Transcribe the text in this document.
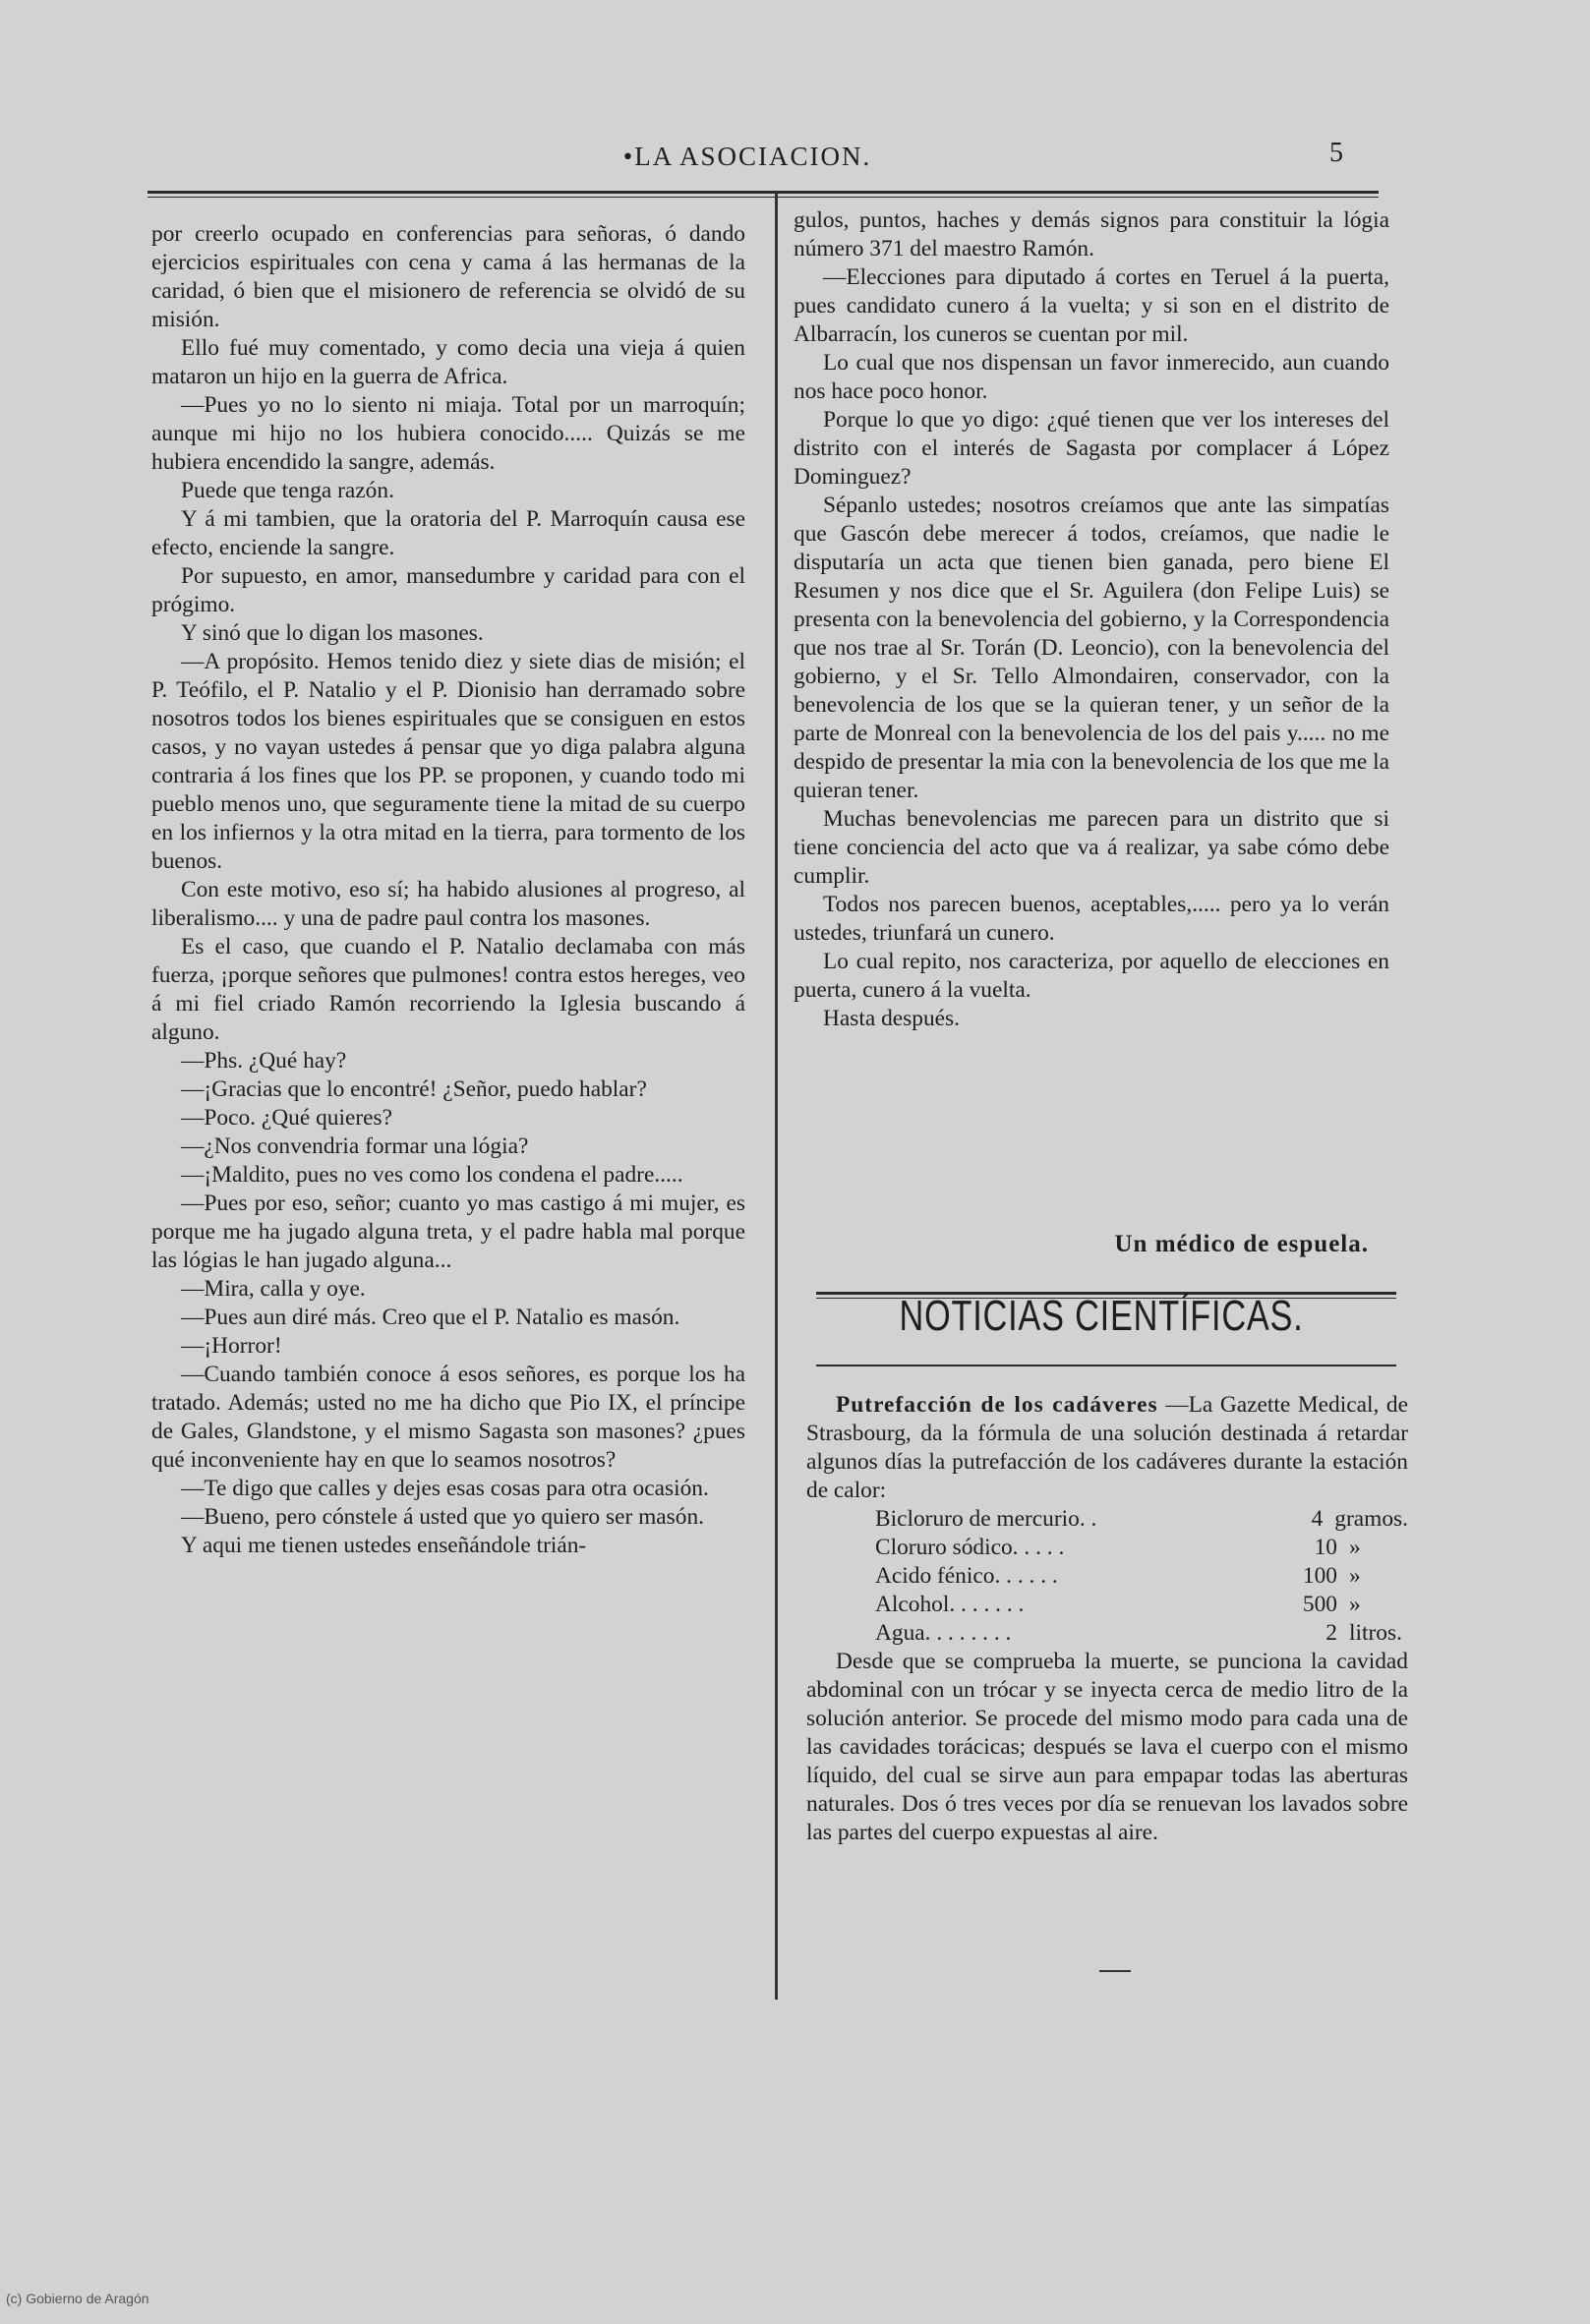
•LA ASOCIACION.	5

por creerlo ocupado en conferencias para señoras, ó dando ejercicios espirituales con cena y cama á las hermanas de la caridad, ó bien que el misionero de referencia se olvidó de su misión.

Ello fué muy comentado, y como decia una vieja á quien mataron un hijo en la guerra de Africa.

—Pues yo no lo siento ni miaja. Total por un marroquín; aunque mi hijo no los hubiera conocido..... Quizás se me hubiera encendido la sangre, además.

Puede que tenga razón.

Y á mi tambien, que la oratoria del P. Marroquín causa ese efecto, enciende la sangre.

Por supuesto, en amor, mansedumbre y caridad para con el prógimo.

Y sinó que lo digan los masones.

—A propósito. Hemos tenido diez y siete dias de misión; el P. Teófilo, el P. Natalio y el P. Dionisio han derramado sobre nosotros todos los bienes espirituales que se consiguen en estos casos, y no vayan ustedes á pensar que yo diga palabra alguna contraria á los fines que los PP. se proponen, y cuando todo mi pueblo menos uno, que seguramente tiene la mitad de su cuerpo en los infiernos y la otra mitad en la tierra, para tormento de los buenos.

Con este motivo, eso sí; ha habido alusiones al progreso, al liberalismo.... y una de padre paul contra los masones.

Es el caso, que cuando el P. Natalio declamaba con más fuerza, ¡porque señores que pulmones! contra estos hereges, veo á mi fiel criado Ramón recorriendo la Iglesia buscando á alguno.

—Phs. ¿Qué hay?

—¡Gracias que lo encontré! ¿Señor, puedo hablar?

—Poco. ¿Qué quieres?

—¿Nos convendria formar una lógia?

—¡Maldito, pues no ves como los condena el padre.....

—Pues por eso, señor; cuanto yo mas castigo á mi mujer, es porque me ha jugado alguna treta, y el padre habla mal porque las lógias le han jugado alguna...

—Mira, calla y oye.

—Pues aun diré más. Creo que el P. Natalio es masón.

—¡Horror!

—Cuando también conoce á esos señores, es porque los ha tratado. Además; usted no me ha dicho que Pio IX, el príncipe de Gales, Glandstone, y el mismo Sagasta son masones? ¿pues qué inconveniente hay en que lo seamos nosotros?

—Te digo que calles y dejes esas cosas para otra ocasión.

—Bueno, pero cónstele á usted que yo quiero ser masón.

Y aqui me tienen ustedes enseñándole trián-

gulos, puntos, haches y demás signos para constituir la lógia número 371 del maestro Ramón.

—Elecciones para diputado á cortes en Teruel á la puerta, pues candidato cunero á la vuelta; y si son en el distrito de Albarracín, los cuneros se cuentan por mil.

Lo cual que nos dispensan un favor inmerecido, aun cuando nos hace poco honor.

Porque lo que yo digo: ¿qué tienen que ver los intereses del distrito con el interés de Sagasta por complacer á López Dominguez?

Sépanlo ustedes; nosotros creíamos que ante las simpatías que Gascón debe merecer á todos, creíamos, que nadie le disputaría un acta que tienen bien ganada, pero biene El Resumen y nos dice que el Sr. Aguilera (don Felipe Luis) se presenta con la benevolencia del gobierno, y la Correspondencia que nos trae al Sr. Torán (D. Leoncio), con la benevolencia del gobierno, y el Sr. Tello Almondairen, conservador, con la benevolencia de los que se la quieran tener, y un señor de la parte de Monreal con la benevolencia de los del pais y..... no me despido de presentar la mia con la benevolencia de los que me la quieran tener.

Muchas benevolencias me parecen para un distrito que si tiene conciencia del acto que va á realizar, ya sabe cómo debe cumplir.

Todos nos parecen buenos, aceptables,..... pero ya lo verán ustedes, triunfará un cunero.

Lo cual repito, nos caracteriza, por aquello de elecciones en puerta, cunero á la vuelta.

Hasta después.

Un médico de espuela.
NOTICIAS CIENTÍFICAS.

Putrefacción de los cadáveres —La Gazette Medical, de Strasbourg, da la fórmula de una solución destinada á retardar algunos días la putrefacción de los cadáveres durante la estación de calor:

Bicloruro de mercurio. .	4 gramos.
Cloruro sódico. . . . .	10 »
Acido fénico. . . . . .	100 »
Alcohol. . . . . . .	500 »
Agua. . . . . . . .	2 litros.

Desde que se comprueba la muerte, se punciona la cavidad abdominal con un trócar y se inyecta cerca de medio litro de la solución anterior. Se procede del mismo modo para cada una de las cavidades torácicas; después se lava el cuerpo con el mismo líquido, del cual se sirve aun para empapar todas las aberturas naturales. Dos ó tres veces por día se renuevan los lavados sobre las partes del cuerpo expuestas al aire.

(c) Gobierno de Aragón
